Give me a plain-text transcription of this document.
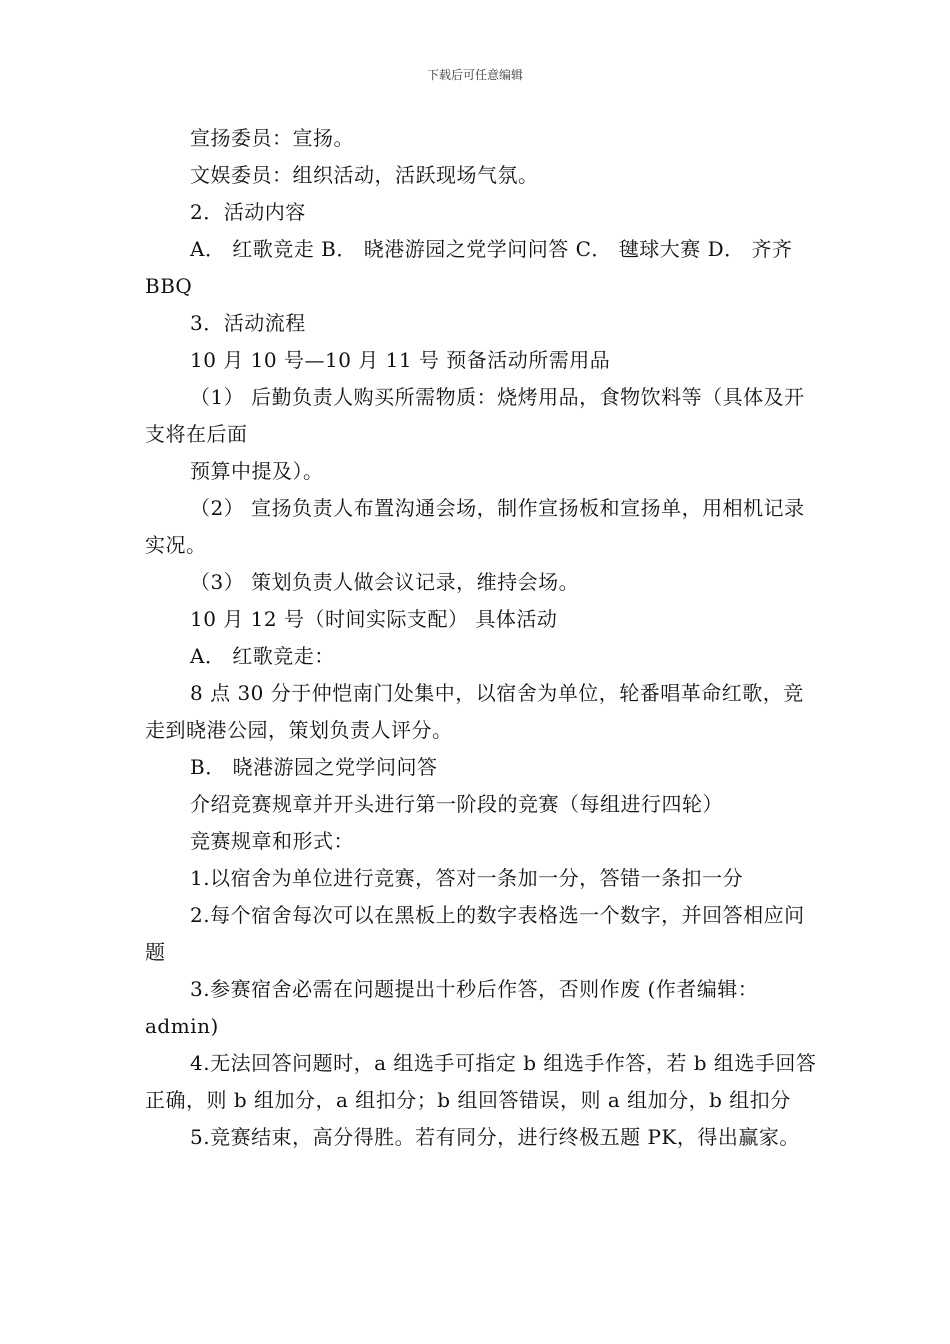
下载后可任意编辑

宣扬委员：宣扬。

文娱委员：组织活动，活跃现场气氛。

2．活动内容

A． 红歌竞走 B． 晓港游园之党学问问答 C． 毽球大赛 D． 齐齐 BBQ

3．活动流程

10 月 10 号—10 月 11 号 预备活动所需用品

（1） 后勤负责人购买所需物质：烧烤用品，食物饮料等（具体及开支将在后面

预算中提及）。

（2） 宣扬负责人布置沟通会场，制作宣扬板和宣扬单，用相机记录实况。

（3） 策划负责人做会议记录，维持会场。

10 月 12 号（时间实际支配） 具体活动

A． 红歌竞走：

8 点 30 分于仲恺南门处集中，以宿舍为单位，轮番唱革命红歌，竞走到晓港公园，策划负责人评分。

B． 晓港游园之党学问问答

介绍竞赛规章并开头进行第一阶段的竞赛（每组进行四轮）

竞赛规章和形式：

1.以宿舍为单位进行竞赛，答对一条加一分，答错一条扣一分

2.每个宿舍每次可以在黑板上的数字表格选一个数字，并回答相应问题

3.参赛宿舍必需在问题提出十秒后作答，否则作废 (作者编辑：admin)

4.无法回答问题时，a 组选手可指定 b 组选手作答，若 b 组选手回答正确，则 b 组加分，a 组扣分；b 组回答错误，则 a 组加分，b 组扣分

5.竞赛结束，高分得胜。若有同分，进行终极五题 PK，得出赢家。
